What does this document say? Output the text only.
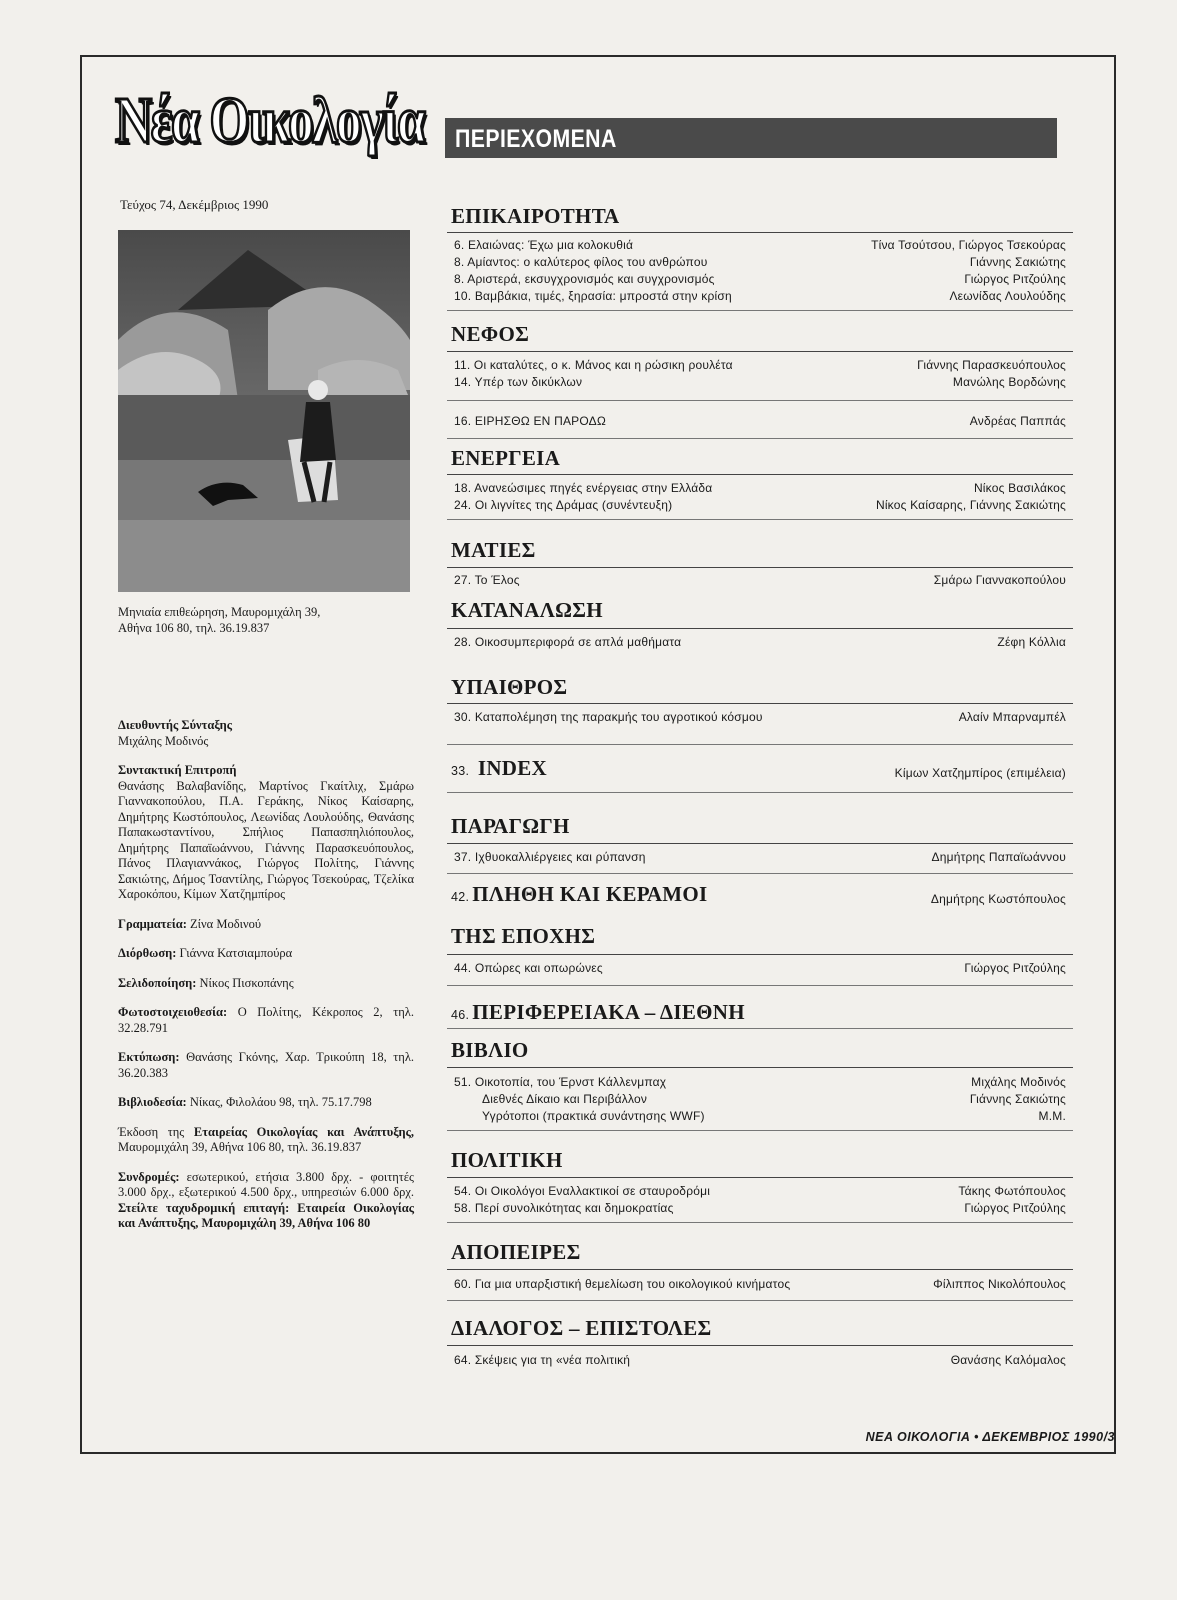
Νέα Οικολογία
Τεύχος 74, Δεκέμβριος 1990
Μηνιαία επιθεώρηση, Μαυρομιχάλη 39,
Αθήνα 106 80, τηλ. 36.19.837
Διευθυντής Σύνταξης
Μιχάλης Μοδινός
Συντακτική Επιτροπή
Θανάσης Βαλαβανίδης, Μαρτίνος Γκαίτλιχ, Σμάρω Γιαννακοπούλου, Π.Α. Γεράκης, Νίκος Καίσαρης, Δημήτρης Κωστόπουλος, Λεωνίδας Λουλούδης, Θανάσης Παπακωσταντίνου, Σπήλιος Παπασπηλιόπουλος, Δημήτρης Παπαϊωάννου, Γιάννης Παρασκευόπουλος, Πάνος Πλαγιαννάκος, Γιώργος Πολίτης, Γιάννης Σακιώτης, Δήμος Τσαντίλης, Γιώργος Τσεκούρας, Τζελίκα Χαροκόπου, Κίμων Χατζημπίρος
Γραμματεία: Ζίνα Μοδινού
Διόρθωση: Γιάννα Κατσιαμπούρα
Σελιδοποίηση: Νίκος Πισκοπάνης
Φωτοστοιχειοθεσία: Ο Πολίτης, Κέκροπος 2, τηλ. 32.28.791
Εκτύπωση: Θανάσης Γκόνης, Χαρ. Τρικούπη 18, τηλ. 36.20.383
Βιβλιοδεσία: Νίκας, Φιλολάου 98, τηλ. 75.17.798
Έκδοση της Εταιρείας Οικολογίας και Ανάπτυξης, Μαυρομιχάλη 39, Αθήνα 106 80, τηλ. 36.19.837
Συνδρομές: εσωτερικού, ετήσια 3.800 δρχ. - φοιτητές 3.000 δρχ., εξωτερικού 4.500 δρχ., υπηρεσιών 6.000 δρχ. Στείλτε ταχυδρομική επιταγή: Εταιρεία Οικολογίας και Ανάπτυξης, Μαυρομιχάλη 39, Αθήνα 106 80
ΠΕΡΙΕΧΟΜΕΝΑ
ΕΠΙΚΑΙΡΟΤΗΤΑ
6. Ελαιώνας: Έχω μια κολοκυθιά	Τίνα Τσούτσου, Γιώργος Τσεκούρας
8. Αμίαντος: ο καλύτερος φίλος του ανθρώπου	Γιάννης Σακιώτης
8. Αριστερά, εκσυγχρονισμός και συγχρονισμός	Γιώργος Ριτζούλης
10. Βαμβάκια, τιμές, ξηρασία: μπροστά στην κρίση	Λεωνίδας Λουλούδης
ΝΕΦΟΣ
11. Οι καταλύτες, ο κ. Μάνος και η ρώσικη ρουλέτα	Γιάννης Παρασκευόπουλος
14. Υπέρ των δικύκλων	Μανώλης Βορδώνης
16. ΕΙΡΗΣΘΩ ΕΝ ΠΑΡΟΔΩ	Ανδρέας Παππάς
ΕΝΕΡΓΕΙΑ
18. Ανανεώσιμες πηγές ενέργειας στην Ελλάδα	Νίκος Βασιλάκος
24. Οι λιγνίτες της Δράμας (συνέντευξη)	Νίκος Καίσαρης, Γιάννης Σακιώτης
ΜΑΤΙΕΣ
27. Το Έλος	Σμάρω Γιαννακοπούλου
ΚΑΤΑΝΑΛΩΣΗ
28. Οικοσυμπεριφορά σε απλά μαθήματα	Ζέφη Κόλλια
ΥΠΑΙΘΡΟΣ
30. Καταπολέμηση της παρακμής του αγροτικού κόσμου	Αλαίν Μπαρναμπέλ
33. INDEX	Κίμων Χατζημπίρος (επιμέλεια)
ΠΑΡΑΓΩΓΗ
37. Ιχθυοκαλλιέργειες και ρύπανση	Δημήτρης Παπαϊωάννου
42. ΠΛΗΘΗ ΚΑΙ ΚΕΡΑΜΟΙ	Δημήτρης Κωστόπουλος
ΤΗΣ ΕΠΟΧΗΣ
44. Οπώρες και οπωρώνες	Γιώργος Ριτζούλης
46. ΠΕΡΙΦΕΡΕΙΑΚΑ – ΔΙΕΘΝΗ
ΒΙΒΛΙΟ
51. Οικοτοπία, του Έρνστ Κάλλενμπαχ	Μιχάλης Μοδινός
Διεθνές Δίκαιο και Περιβάλλον	Γιάννης Σακιώτης
Υγρότοποι (πρακτικά συνάντησης WWF)	Μ.Μ.
ΠΟΛΙΤΙΚΗ
54. Οι Οικολόγοι Εναλλακτικοί σε σταυροδρόμι	Τάκης Φωτόπουλος
58. Περί συνολικότητας και δημοκρατίας	Γιώργος Ριτζούλης
ΑΠΟΠΕΙΡΕΣ
60. Για μια υπαρξιστική θεμελίωση του οικολογικού κινήματος	Φίλιππος Νικολόπουλος
ΔΙΑΛΟΓΟΣ – ΕΠΙΣΤΟΛΕΣ
64. Σκέψεις για τη «νέα πολιτική	Θανάσης Καλόμαλος
ΝΕΑ ΟΙΚΟΛΟΓΙΑ • ΔΕΚΕΜΒΡΙΟΣ 1990/3
